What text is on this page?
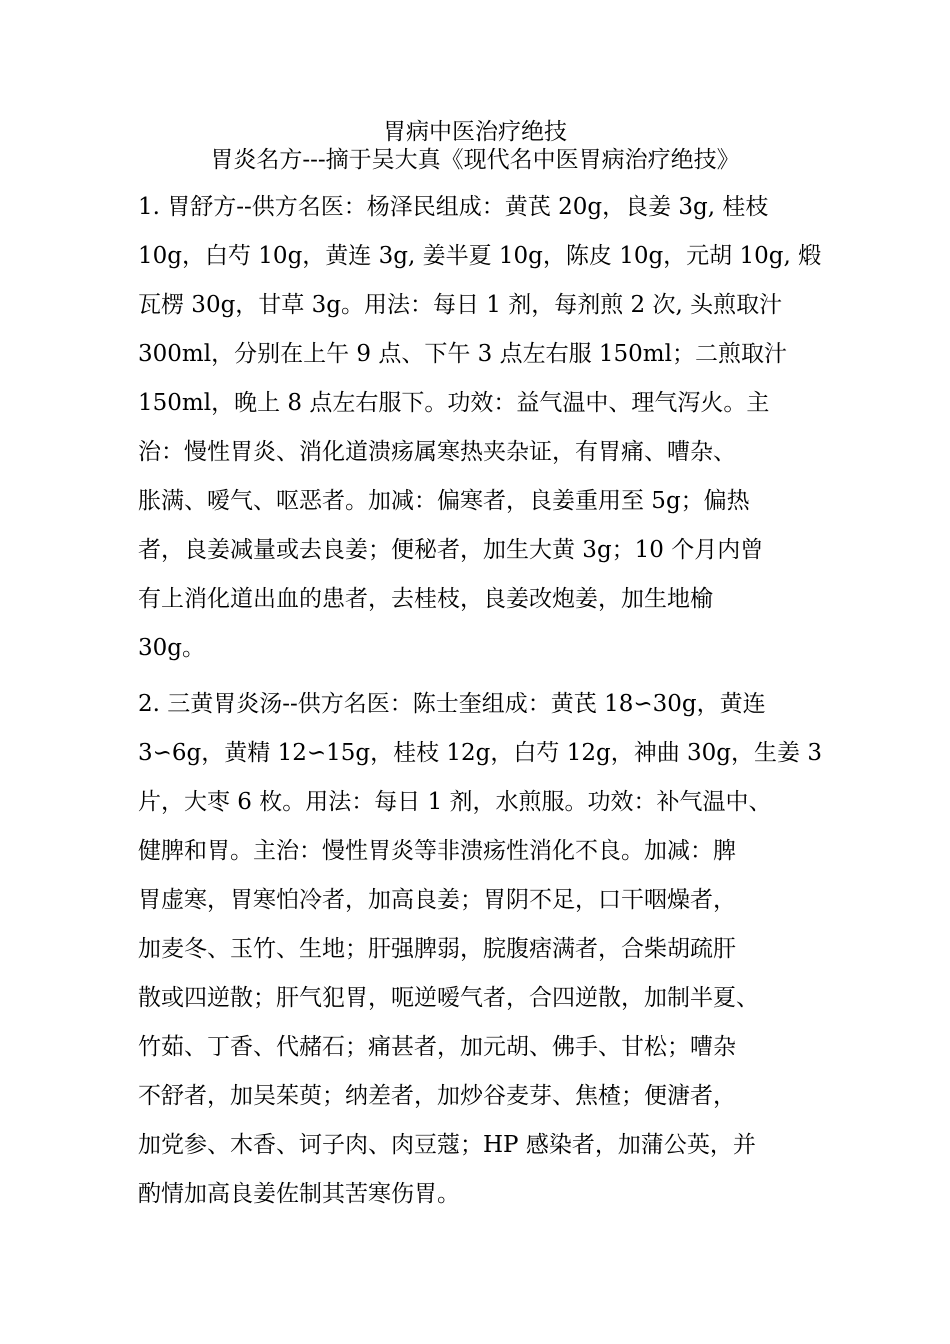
胃病中医治疗绝技
胃炎名方---摘于吴大真《现代名中医胃病治疗绝技》
1. 胃舒方--供方名医：杨泽民组成：黄芪 20g，良姜 3g, 桂枝
10g，白芍 10g，黄连 3g, 姜半夏 10g，陈皮 10g，元胡 10g, 煅
瓦楞 30g，甘草 3g。用法：每日 1 剂，每剂煎 2 次, 头煎取汁
300ml，分别在上午 9 点、下午 3 点左右服 150ml；二煎取汁
150ml，晚上 8 点左右服下。功效：益气温中、理气泻火。主
治：慢性胃炎、消化道溃疡属寒热夹杂证，有胃痛、嘈杂、
胀满、嗳气、呕恶者。加减：偏寒者，良姜重用至 5g；偏热
者，良姜减量或去良姜；便秘者，加生大黄 3g；10 个月内曾
有上消化道出血的患者，去桂枝，良姜改炮姜，加生地榆
30g。
2. 三黄胃炎汤--供方名医：陈士奎组成：黄芪 18∽30g，黄连
3∽6g，黄精 12∽15g，桂枝 12g，白芍 12g，神曲 30g，生姜 3
片，大枣 6 枚。用法：每日 1 剂，水煎服。功效：补气温中、
健脾和胃。主治：慢性胃炎等非溃疡性消化不良。加减：脾
胃虚寒，胃寒怕冷者，加高良姜；胃阴不足，口干咽燥者，
加麦冬、玉竹、生地；肝强脾弱，脘腹痞满者，合柴胡疏肝
散或四逆散；肝气犯胃，呃逆嗳气者，合四逆散，加制半夏、
竹茹、丁香、代赭石；痛甚者，加元胡、佛手、甘松；嘈杂
不舒者，加吴茱萸；纳差者，加炒谷麦芽、焦楂；便溏者，
加党参、木香、诃子肉、肉豆蔻；HP 感染者，加蒲公英，并
酌情加高良姜佐制其苦寒伤胃。
